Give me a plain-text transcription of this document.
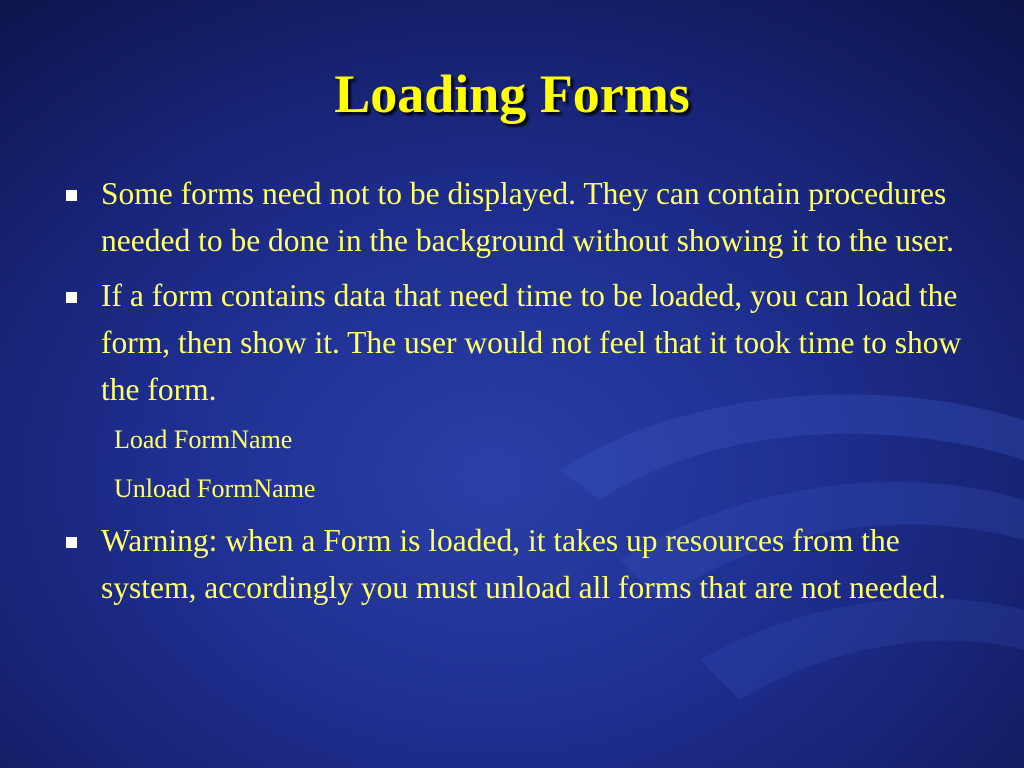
Loading Forms
Some forms need not to be displayed. They can contain procedures needed to be done in the background without showing it to the user.
If a form contains data that need time to be loaded, you can load the form, then show it. The user would not feel that it took time to show the form.
Load FormName
Unload FormName
Warning: when a Form is loaded, it takes up resources from the system, accordingly you must unload all forms that are not needed.
